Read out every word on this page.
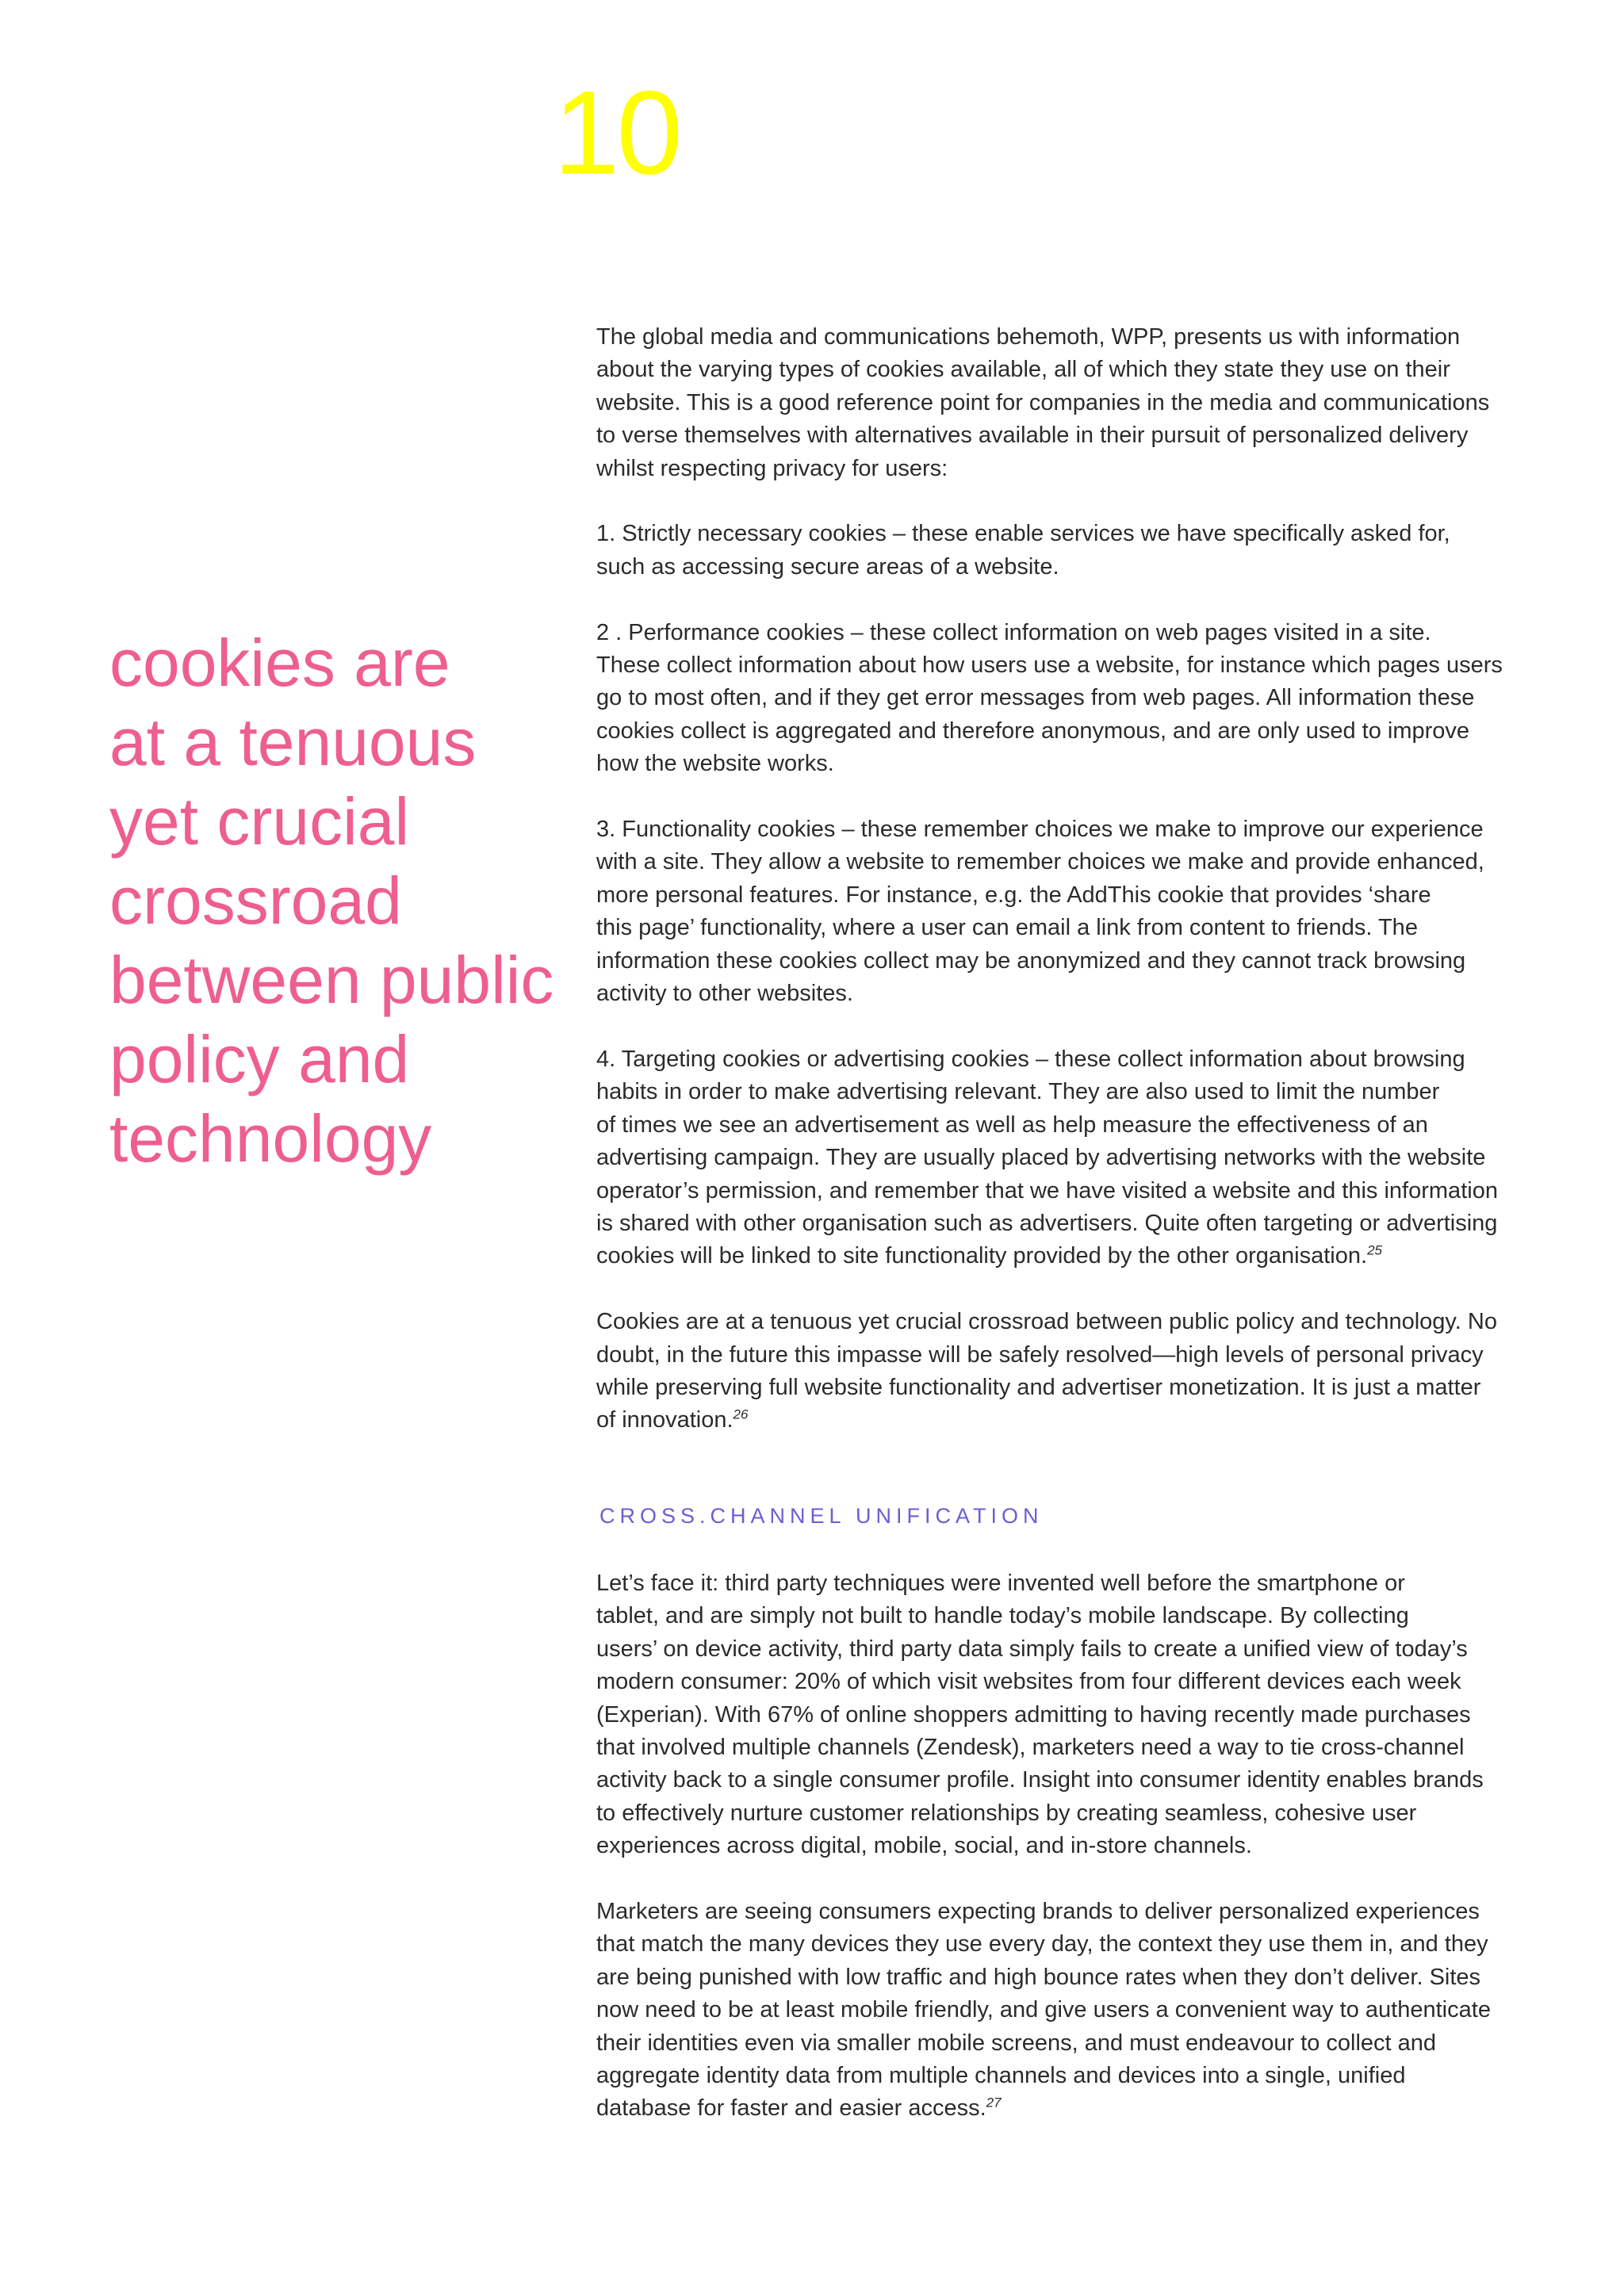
10
cookies are
at a tenuous
yet crucial
crossroad
between public
policy and
technology
The global media and communications behemoth, WPP, presents us with information
about the varying types of cookies available, all of which they state they use on their
website. This is a good reference point for companies in the media and communications
to verse themselves with alternatives available in their pursuit of personalized delivery
whilst respecting privacy for users:
1. Strictly necessary cookies – these enable services we have specifically asked for,
such as accessing secure areas of a website.
2 . Performance cookies – these collect information on web pages visited in a site.
These collect information about how users use a website, for instance which pages users
go to most often, and if they get error messages from web pages. All information these
cookies collect is aggregated and therefore anonymous, and are only used to improve
how the website works.
3. Functionality cookies – these remember choices we make to improve our experience
with a site. They allow a website to remember choices we make and provide enhanced,
more personal features. For instance, e.g. the AddThis cookie that provides ‘share
this page’ functionality, where a user can email a link from content to friends. The
information these cookies collect may be anonymized and they cannot track browsing
activity to other websites.
4. Targeting cookies or advertising cookies – these collect information about browsing
habits in order to make advertising relevant. They are also used to limit the number
of times we see an advertisement as well as help measure the effectiveness of an
advertising campaign. They are usually placed by advertising networks with the website
operator’s permission, and remember that we have visited a website and this information
is shared with other organisation such as advertisers. Quite often targeting or advertising
cookies will be linked to site functionality provided by the other organisation.$^{25}$
Cookies are at a tenuous yet crucial crossroad between public policy and technology. No
doubt, in the future this impasse will be safely resolved—high levels of personal privacy
while preserving full website functionality and advertiser monetization. It is just a matter
of innovation.$^{26}$
CROSS.CHANNEL UNIFICATION
Let’s face it: third party techniques were invented well before the smartphone or
tablet, and are simply not built to handle today’s mobile landscape. By collecting
users’ on device activity, third party data simply fails to create a unified view of today’s
modern consumer: 20% of which visit websites from four different devices each week
(Experian). With 67% of online shoppers admitting to having recently made purchases
that involved multiple channels (Zendesk), marketers need a way to tie cross-channel
activity back to a single consumer profile. Insight into consumer identity enables brands
to effectively nurture customer relationships by creating seamless, cohesive user
experiences across digital, mobile, social, and in-store channels.
Marketers are seeing consumers expecting brands to deliver personalized experiences
that match the many devices they use every day, the context they use them in, and they
are being punished with low traffic and high bounce rates when they don’t deliver. Sites
now need to be at least mobile friendly, and give users a convenient way to authenticate
their identities even via smaller mobile screens, and must endeavour to collect and
aggregate identity data from multiple channels and devices into a single, unified
database for faster and easier access.$^{27}$
